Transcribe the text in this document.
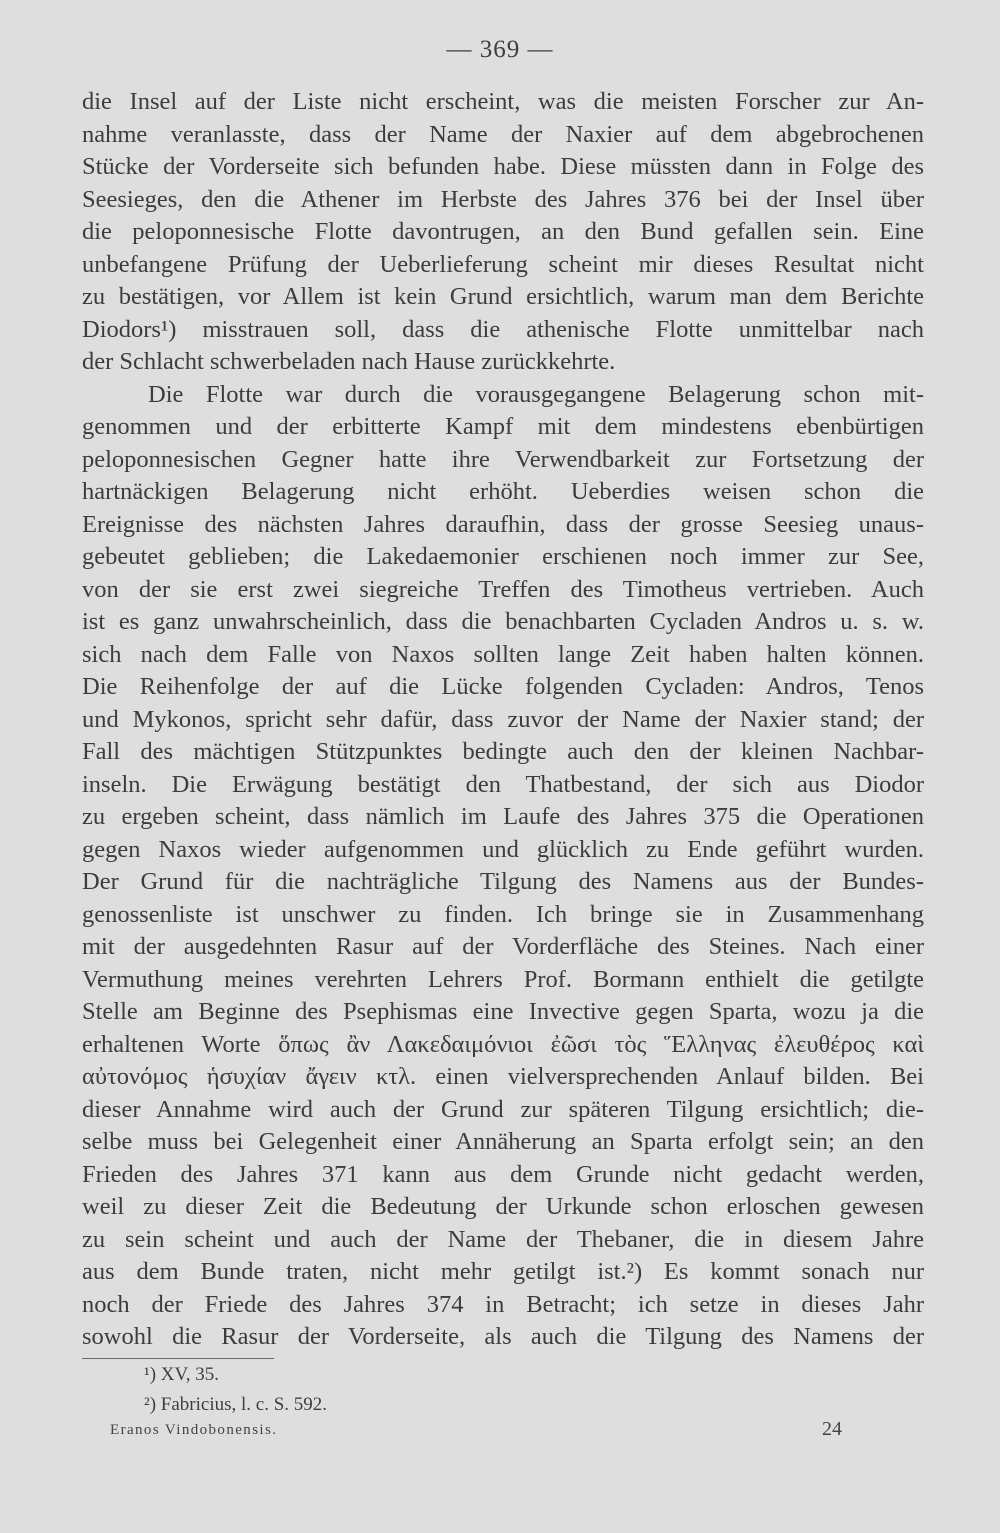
— 369 —
die Insel auf der Liste nicht erscheint, was die meisten Forscher zur An-
nahme veranlasste, dass der Name der Naxier auf dem abgebrochenen
Stücke der Vorderseite sich befunden habe. Diese müssten dann in Folge des
Seesieges, den die Athener im Herbste des Jahres 376 bei der Insel über
die peloponnesische Flotte davontrugen, an den Bund gefallen sein. Eine
unbefangene Prüfung der Ueberlieferung scheint mir dieses Resultat nicht
zu bestätigen, vor Allem ist kein Grund ersichtlich, warum man dem Berichte
Diodors¹) misstrauen soll, dass die athenische Flotte unmittelbar nach
der Schlacht schwerbeladen nach Hause zurückkehrte.
Die Flotte war durch die vorausgegangene Belagerung schon mit-
genommen und der erbitterte Kampf mit dem mindestens ebenbürtigen
peloponnesischen Gegner hatte ihre Verwendbarkeit zur Fortsetzung der
hartnäckigen Belagerung nicht erhöht. Ueberdies weisen schon die
Ereignisse des nächsten Jahres daraufhin, dass der grosse Seesieg unaus-
gebeutet geblieben; die Lakedaemonier erschienen noch immer zur See,
von der sie erst zwei siegreiche Treffen des Timotheus vertrieben. Auch
ist es ganz unwahrscheinlich, dass die benachbarten Cycladen Andros u. s. w.
sich nach dem Falle von Naxos sollten lange Zeit haben halten können.
Die Reihenfolge der auf die Lücke folgenden Cycladen: Andros, Tenos
und Mykonos, spricht sehr dafür, dass zuvor der Name der Naxier stand; der
Fall des mächtigen Stützpunktes bedingte auch den der kleinen Nachbar-
inseln. Die Erwägung bestätigt den Thatbestand, der sich aus Diodor
zu ergeben scheint, dass nämlich im Laufe des Jahres 375 die Operationen
gegen Naxos wieder aufgenommen und glücklich zu Ende geführt wurden.
Der Grund für die nachträgliche Tilgung des Namens aus der Bundes-
genossenliste ist unschwer zu finden. Ich bringe sie in Zusammenhang
mit der ausgedehnten Rasur auf der Vorderfläche des Steines. Nach einer
Vermuthung meines verehrten Lehrers Prof. Bormann enthielt die getilgte
Stelle am Beginne des Psephismas eine Invective gegen Sparta, wozu ja die
erhaltenen Worte ὅπως ἂν Λακεδαιμόνιοι ἐῶσι τὸς Ἕλληνας ἐλευθέρος καὶ
αὐτονόμος ἡσυχίαν ἄγειν κτλ. einen vielversprechenden Anlauf bilden. Bei
dieser Annahme wird auch der Grund zur späteren Tilgung ersichtlich; die-
selbe muss bei Gelegenheit einer Annäherung an Sparta erfolgt sein; an den
Frieden des Jahres 371 kann aus dem Grunde nicht gedacht werden,
weil zu dieser Zeit die Bedeutung der Urkunde schon erloschen gewesen
zu sein scheint und auch der Name der Thebaner, die in diesem Jahre
aus dem Bunde traten, nicht mehr getilgt ist.²) Es kommt sonach nur
noch der Friede des Jahres 374 in Betracht; ich setze in dieses Jahr
sowohl die Rasur der Vorderseite, als auch die Tilgung des Namens der
¹) XV, 35.
²) Fabricius, l. c. S. 592.
Eranos Vindobonensis.	24
